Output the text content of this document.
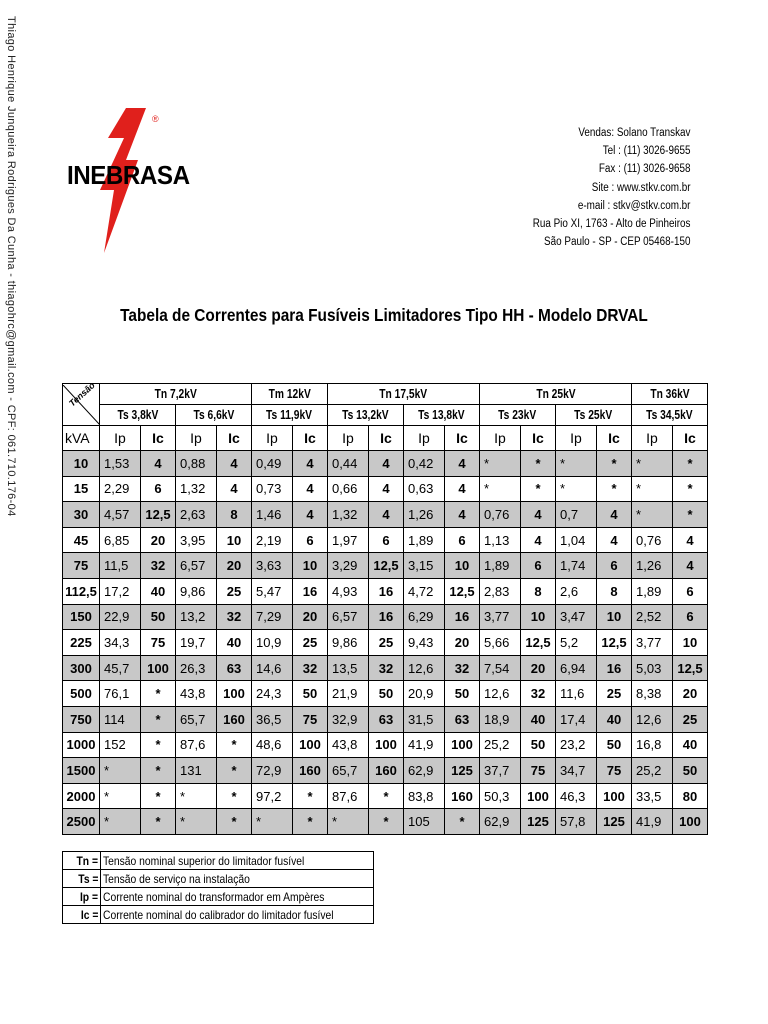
Thiago Henrique Junqueira Rodrigues Da Cunha - thiagohrc@gmail.com - CPF: 061.710.176-04 INEBRASA
®
Vendas: Solano Transkav
Tel : (11) 3026-9655
Fax : (11) 3026-9658
Site : www.stkv.com.br
e-mail : stkv@stkv.com.br
Rua Pio XI, 1763 - Alto de Pinheiros
São Paulo - SP - CEP 05468-150
Tabela de Correntes para Fusíveis Limitadores Tipo HH - Modelo DRVAL
Tensão	Tn 7,2kV				Tm 12kV		Tn 17,5kV				Tn 25kV				Tn 36kV	
	Ts 3,8kV		Ts 6,6kV		Ts 11,9kV		Ts 13,2kV		Ts 13,8kV		Ts 23kV		Ts 25kV		Ts 34,5kV	
kVA	Ip	Ic	Ip	Ic	Ip	Ic	Ip	Ic	Ip	Ic	Ip	Ic	Ip	Ic	Ip	Ic
10	1,53	4	0,88	4	0,49	4	0,44	4	0,42	4	*	*	*	*	*	*
15	2,29	6	1,32	4	0,73	4	0,66	4	0,63	4	*	*	*	*	*	*
30	4,57	12,5	2,63	8	1,46	4	1,32	4	1,26	4	0,76	4	0,7	4	*	*
45	6,85	20	3,95	10	2,19	6	1,97	6	1,89	6	1,13	4	1,04	4	0,76	4
75	11,5	32	6,57	20	3,63	10	3,29	12,5	3,15	10	1,89	6	1,74	6	1,26	4
112,5	17,2	40	9,86	25	5,47	16	4,93	16	4,72	12,5	2,83	8	2,6	8	1,89	6
150	22,9	50	13,2	32	7,29	20	6,57	16	6,29	16	3,77	10	3,47	10	2,52	6
225	34,3	75	19,7	40	10,9	25	9,86	25	9,43	20	5,66	12,5	5,2	12,5	3,77	10
300	45,7	100	26,3	63	14,6	32	13,5	32	12,6	32	7,54	20	6,94	16	5,03	12,5
500	76,1	*	43,8	100	24,3	50	21,9	50	20,9	50	12,6	32	11,6	25	8,38	20
750	114	*	65,7	160	36,5	75	32,9	63	31,5	63	18,9	40	17,4	40	12,6	25
1000	152	*	87,6	*	48,6	100	43,8	100	41,9	100	25,2	50	23,2	50	16,8	40
1500	*	*	131	*	72,9	160	65,7	160	62,9	125	37,7	75	34,7	75	25,2	50
2000	*	*	*	*	97,2	*	87,6	*	83,8	160	50,3	100	46,3	100	33,5	80
2500	*	*	*	*	*	*	*	*	105	*	62,9	125	57,8	125	41,9	100
Tn =	Tensão nominal superior do limitador fusível
Ts =	Tensão de serviço na instalação
Ip =	Corrente nominal do transformador em Ampères
Ic =	Corrente nominal do calibrador do limitador fusível
